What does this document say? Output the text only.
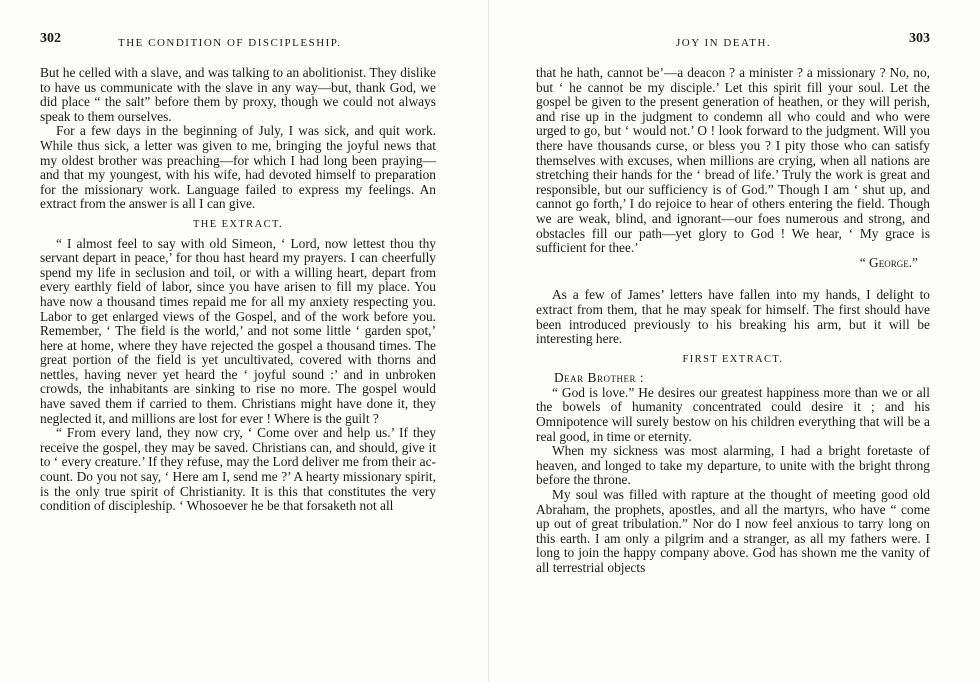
302	THE CONDITION OF DISCIPLESHIP.

But he celled with a slave, and was talking to an abolitionist. They dislike to have us communicate with the slave in any way—but, thank God, we did place “ the salt” before them by proxy, though we could not always speak to them ourselves.

For a few days in the beginning of July, I was sick, and quit work. While thus sick, a letter was given to me, bringing the joyful news that my oldest brother was preaching—for which I had long been praying—and that my youngest, with his wife, had devoted himself to preparation for the missionary work. Language failed to express my feelings. An extract from the answer is all I can give.

THE EXTRACT.

“ I almost feel to say with old Simeon, ‘ Lord, now lettest thou thy servant depart in peace,’ for thou hast heard my prayers. I can cheerfully spend my life in seclusion and toil, or with a willing heart, depart from every earthly field of labor, since you have arisen to fill my place. You have now a thousand times repaid me for all my anxiety respecting you. Labor to get enlarged views of the Gospel, and of the work before you. Remember, ‘ The field is the world,’ and not some little ‘ garden spot,’ here at home, where they have rejected the gospel a thousand times. The great portion of the field is yet uncultivated, covered with thorns and nettles, having never yet heard the ‘ joyful sound :’ and in unbroken crowds, the inhabitants are sinking to rise no more. The gospel would have saved them if carried to them. Christians might have done it, they neglected it, and millions are lost for ever ! Where is the guilt ?

“ From every land, they now cry, ‘ Come over and help us.’ If they receive the gospel, they may be saved. Christians can, and should, give it to ‘ every creature.’ If they refuse, may the Lord deliver me from their account. Do you not say, ‘ Here am I, send me ?’ A hearty missionary spirit, is the only true spirit of Christianity. It is this that constitutes the very condition of discipleship. ‘ Whosoever he be that forsaketh not all

JOY IN DEATH.	303

that he hath, cannot be’—a deacon ? a minister ? a missionary ? No, no, but ‘ he cannot be my disciple.’ Let this spirit fill your soul. Let the gospel be given to the present generation of heathen, or they will perish, and rise up in the judgment to condemn all who could and who were urged to go, but ‘ would not.’ O ! look forward to the judgment. Will you there have thousands curse, or bless you ? I pity those who can satisfy themselves with excuses, when millions are crying, when all nations are stretching their hands for the ‘ bread of life.’ Truly the work is great and responsible, but our sufficiency is of God.” Though I am ‘ shut up, and cannot go forth,’ I do rejoice to hear of others entering the field. Though we are weak, blind, and ignorant—our foes numerous and strong, and obstacles fill our path—yet glory to God ! We hear, ‘ My grace is sufficient for thee.’

“ George.”

As a few of James’ letters have fallen into my hands, I delight to extract from them, that he may speak for himself. The first should have been introduced previously to his breaking his arm, but it will be interesting here.

FIRST EXTRACT.
Dear Brother :

“ God is love.” He desires our greatest happiness more than we or all the bowels of humanity concentrated could desire it ; and his Omnipotence will surely bestow on his children everything that will be a real good, in time or eternity.

When my sickness was most alarming, I had a bright foretaste of heaven, and longed to take my departure, to unite with the bright throng before the throne.

My soul was filled with rapture at the thought of meeting good old Abraham, the prophets, apostles, and all the martyrs, who have “ come up out of great tribulation.” Nor do I now feel anxious to tarry long on this earth. I am only a pilgrim and a stranger, as all my fathers were. I long to join the happy company above. God has shown me the vanity of all terrestrial objects
